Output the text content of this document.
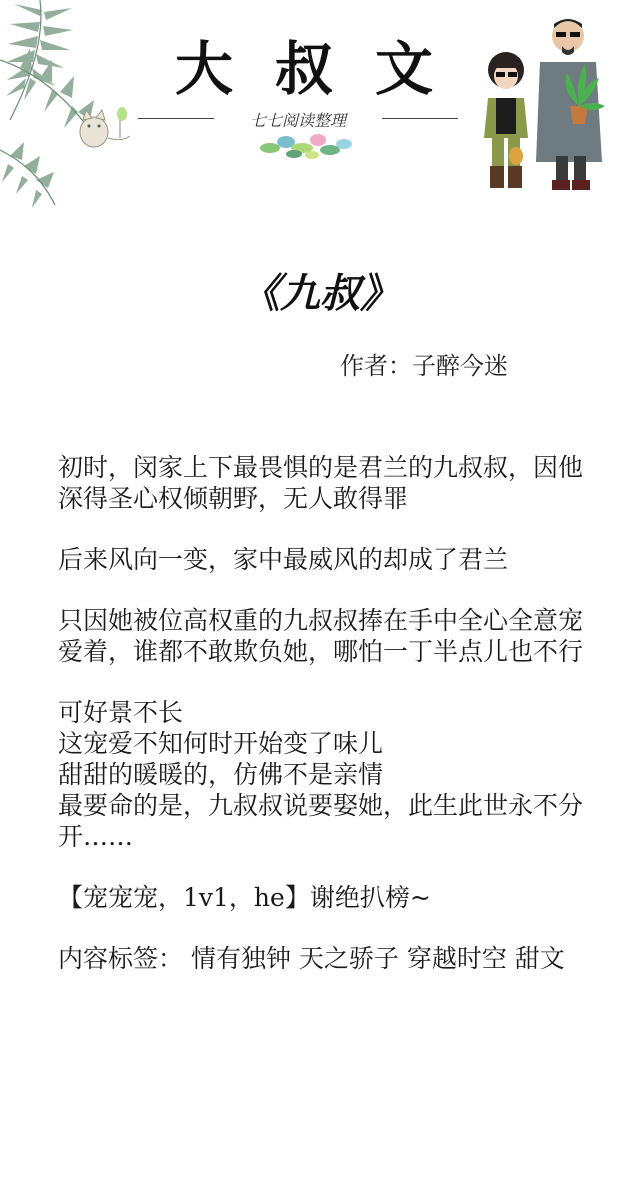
大叔文
七七阅读整理
《九叔》
作者：子醉今迷

初时，闵家上下最畏惧的是君兰的九叔叔，因他深得圣心权倾朝野，无人敢得罪

后来风向一变，家中最威风的却成了君兰

只因她被位高权重的九叔叔捧在手中全心全意宠爱着，谁都不敢欺负她，哪怕一丁半点儿也不行

可好景不长
这宠爱不知何时开始变了味儿
甜甜的暖暖的，仿佛不是亲情
最要命的是，九叔叔说要娶她，此生此世永不分开……

【宠宠宠，1v1，he】谢绝扒榜~

内容标签： 情有独钟 天之骄子 穿越时空 甜文
